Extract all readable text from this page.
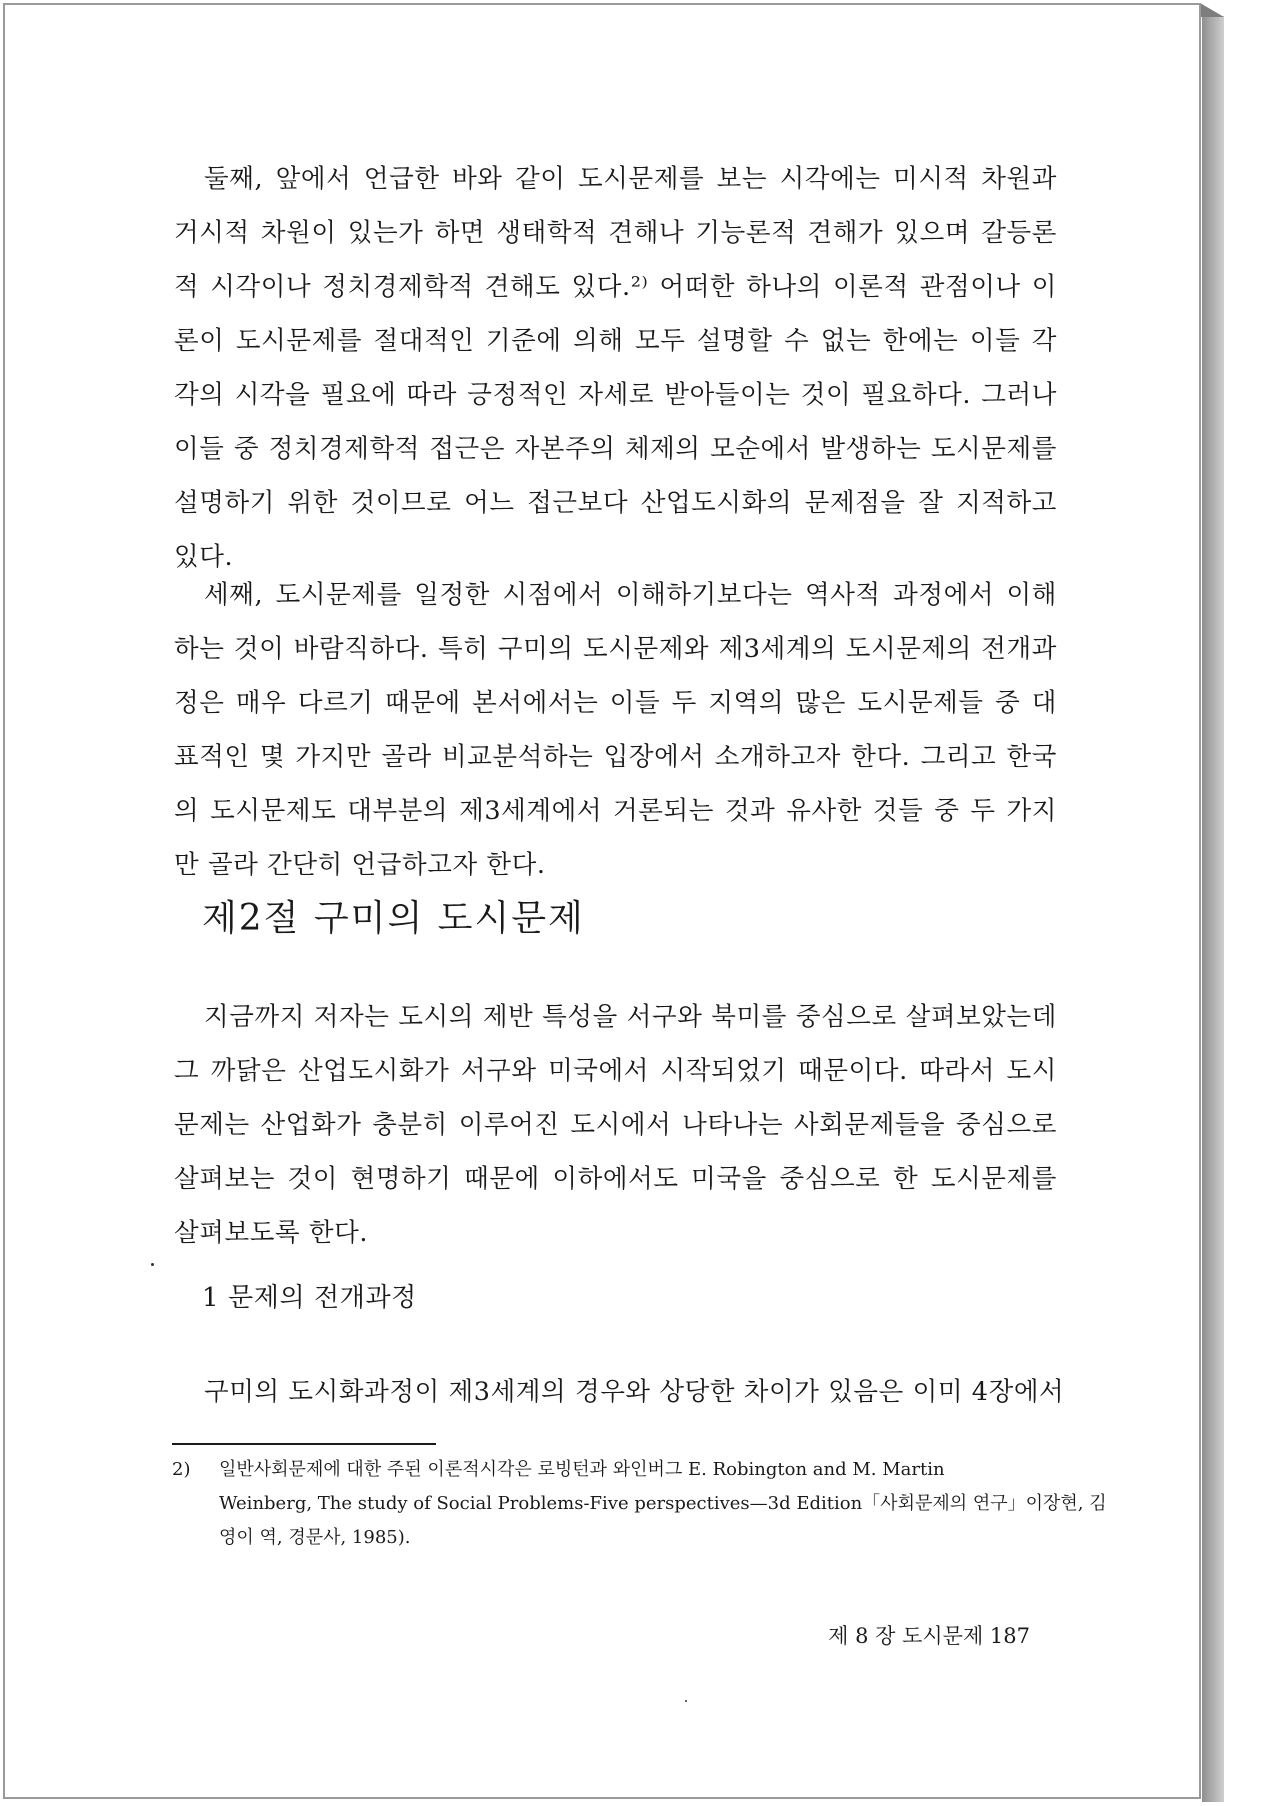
둘째, 앞에서 언급한 바와 같이 도시문제를 보는 시각에는 미시적 차원과
거시적 차원이 있는가 하면 생태학적 견해나 기능론적 견해가 있으며 갈등론
적 시각이나 정치경제학적 견해도 있다.²⁾ 어떠한 하나의 이론적 관점이나 이
론이 도시문제를 절대적인 기준에 의해 모두 설명할 수 없는 한에는 이들 각
각의 시각을 필요에 따라 긍정적인 자세로 받아들이는 것이 필요하다. 그러나
이들 중 정치경제학적 접근은 자본주의 체제의 모순에서 발생하는 도시문제를
설명하기 위한 것이므로 어느 접근보다 산업도시화의 문제점을 잘 지적하고
있다.
세째, 도시문제를 일정한 시점에서 이해하기보다는 역사적 과정에서 이해
하는 것이 바람직하다. 특히 구미의 도시문제와 제3세계의 도시문제의 전개과
정은 매우 다르기 때문에 본서에서는 이들 두 지역의 많은 도시문제들 중 대
표적인 몇 가지만 골라 비교분석하는 입장에서 소개하고자 한다. 그리고 한국
의 도시문제도 대부분의 제3세계에서 거론되는 것과 유사한 것들 중 두 가지
만 골라 간단히 언급하고자 한다.
제2절 구미의 도시문제
지금까지 저자는 도시의 제반 특성을 서구와 북미를 중심으로 살펴보았는데
그 까닭은 산업도시화가 서구와 미국에서 시작되었기 때문이다. 따라서 도시
문제는 산업화가 충분히 이루어진 도시에서 나타나는 사회문제들을 중심으로
살펴보는 것이 현명하기 때문에 이하에서도 미국을 중심으로 한 도시문제를
살펴보도록 한다.
1 문제의 전개과정
구미의 도시화과정이 제3세계의 경우와 상당한 차이가 있음은 이미 4장에서
2) 일반사회문제에 대한 주된 이론적시각은 로빙턴과 와인버그 E. Robington and M. Martin
Weinberg, The study of Social Problems-Five perspectives—3d Edition「사회문제의 연구」이장현, 김
영이 역, 경문사, 1985).
제 8 장 도시문제 187
